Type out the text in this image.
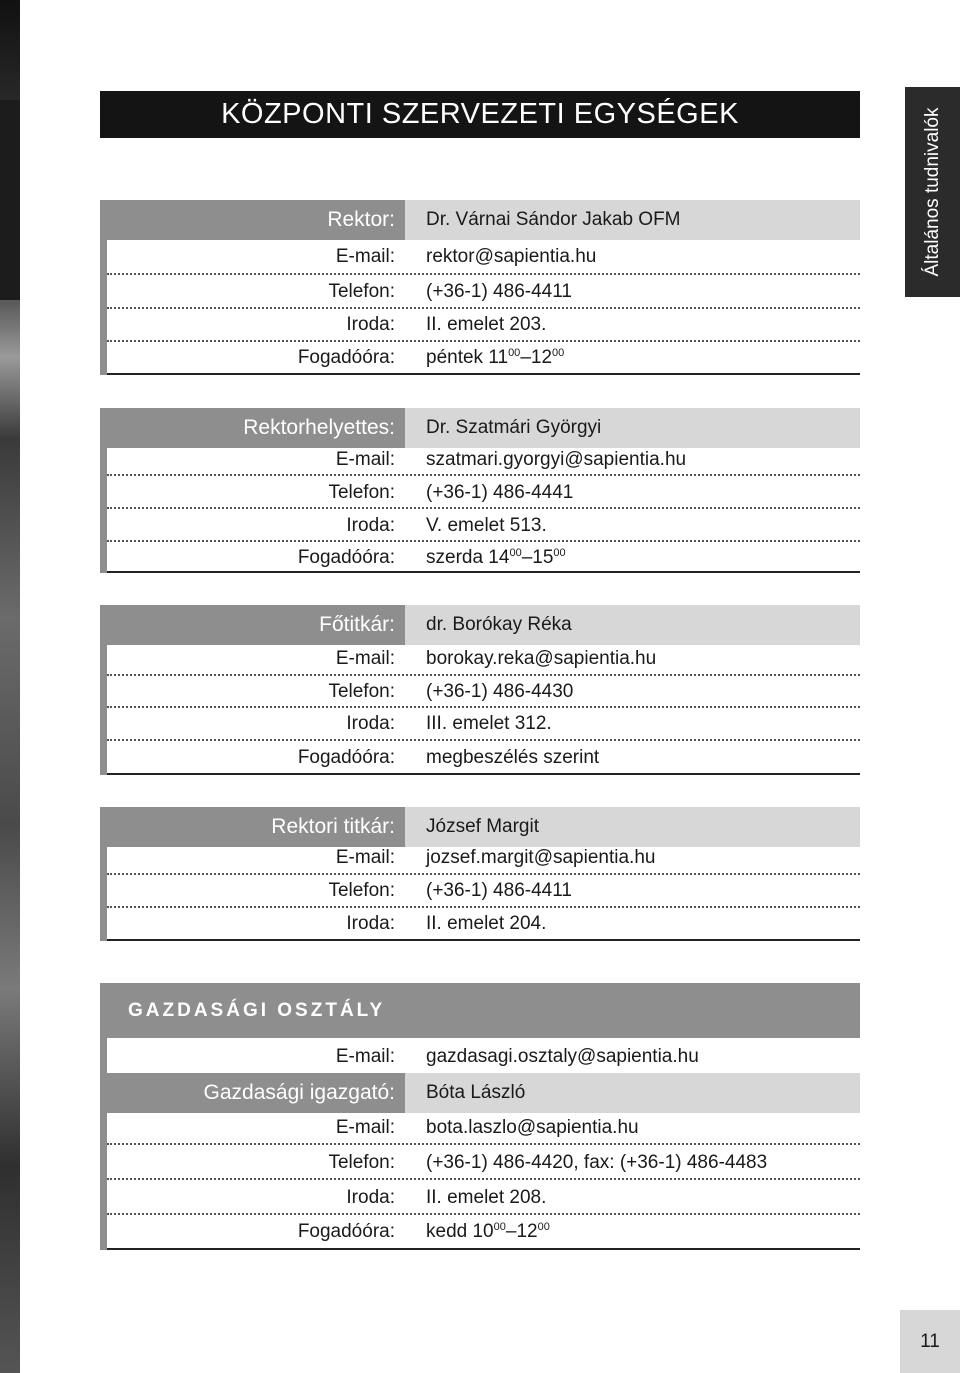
Általános tudnivalók
KÖZPONTI SZERVEZETI EGYSÉGEK
Rektor: Dr. Várnai Sándor Jakab OFM
E-mail: rektor@sapientia.hu
Telefon: (+36-1) 486-4411
Iroda: II. emelet 203.
Fogadóóra: péntek $11^{00}-12^{00}$
Rektorhelyettes: Dr. Szatmári Györgyi
E-mail: szatmari.gyorgyi@sapientia.hu
Telefon: (+36-1) 486-4441
Iroda: V. emelet 513.
Fogadóóra: szerda $14^{00}-15^{00}$
Főtitkár: dr. Borókay Réka
E-mail: borokay.reka@sapientia.hu
Telefon: (+36-1) 486-4430
Iroda: III. emelet 312.
Fogadóóra: megbeszélés szerint
Rektori titkár: József Margit
E-mail: jozsef.margit@sapientia.hu
Telefon: (+36-1) 486-4411
Iroda: II. emelet 204.
GAZDASÁGI OSZTÁLY
E-mail: gazdasagi.osztaly@sapientia.hu
Gazdasági igazgató: Bóta László
E-mail: bota.laszlo@sapientia.hu
Telefon: (+36-1) 486-4420, fax: (+36-1) 486-4483
Iroda: II. emelet 208.
Fogadóóra: kedd $10^{00}-12^{00}$
11
